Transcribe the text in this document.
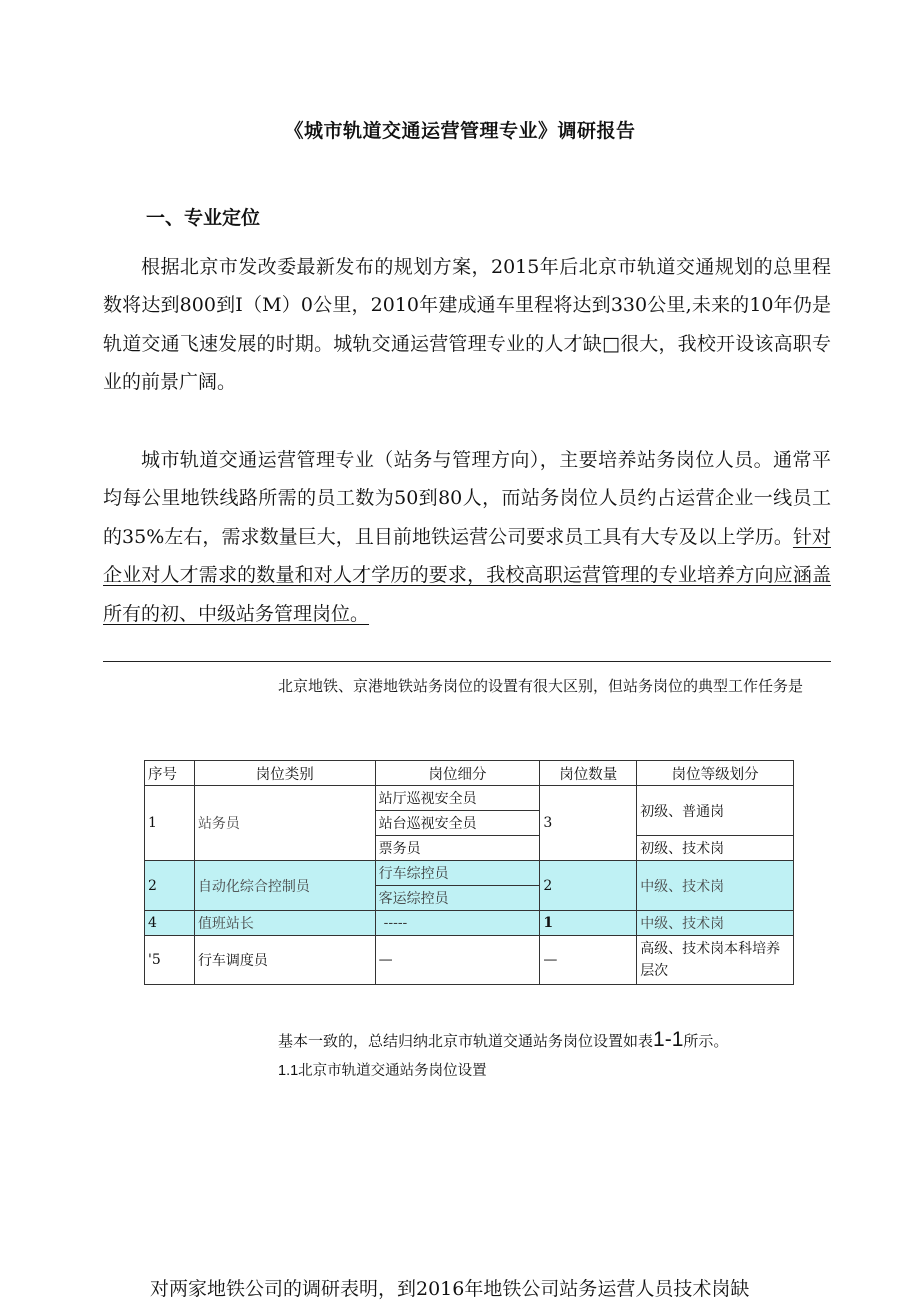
《城市轨道交通运营管理专业》调研报告
一、专业定位

根据北京市发改委最新发布的规划方案，2015年后北京市轨道交通规划的总里程数将达到800到I（M）0公里，2010年建成通车里程将达到330公里,未来的10年仍是轨道交通飞速发展的时期。城轨交通运营管理专业的人才缺□很大，我校开设该高职专业的前景广阔。

城市轨道交通运营管理专业（站务与管理方向），主要培养站务岗位人员。通常平均每公里地铁线路所需的员工数为50到80人，而站务岗位人员约占运营企业一线员工的35%左右，需求数量巨大，且目前地铁运营公司要求员工具有大专及以上学历。针对企业对人才需求的数量和对人才学历的要求，我校高职运营管理的专业培养方向应涵盖所有的初、中级站务管理岗位。

北京地铁、京港地铁站务岗位的设置有很大区别，但站务岗位的典型工作任务是
序号	岗位类别	岗位细分	岗位数量	岗位等级划分
1	站务员	站厅巡视安全员	3	初级、普通岗
		站台巡视安全员		
		票务员		初级、技术岗
2	自动化综合控制员	行车综控员	2	中级、技术岗
		客运综控员		
4	值班站长	-----	1	中级、技术岗
'5	行车调度员	—	—	高级、技术岗本科培养层次
基本一致的，总结归纳北京市轨道交通站务岗位设置如表1-1所示。
1.1北京市轨道交通站务岗位设置
对两家地铁公司的调研表明，到2016年地铁公司站务运营人员技术岗缺
